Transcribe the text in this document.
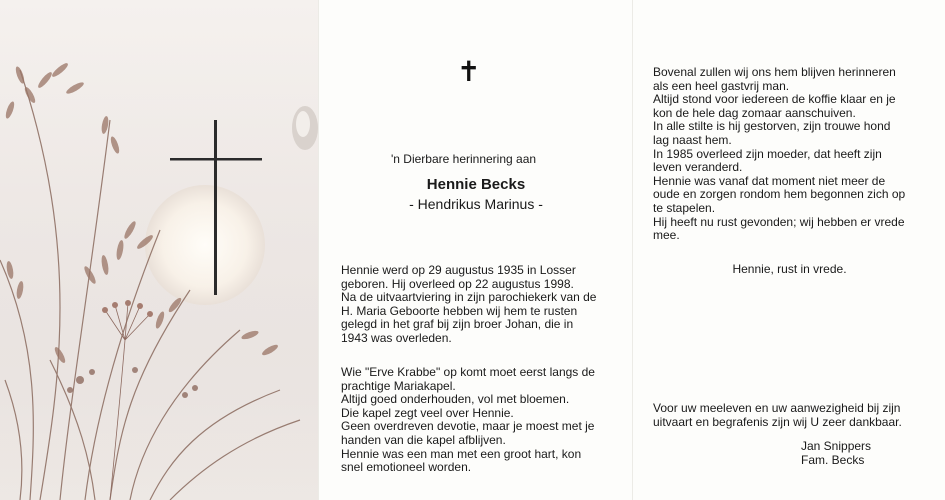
✝
'n Dierbare herinnering aan
Hennie Becks
- Hendrikus Marinus -

Hennie werd op 29 augustus 1935 in Losser
geboren. Hij overleed op 22 augustus 1998.
Na de uitvaartviering in zijn parochiekerk van de
H. Maria Geboorte hebben wij hem te rusten
gelegd in het graf bij zijn broer Johan, die in
1943 was overleden.

Wie "Erve Krabbe" op komt moet eerst langs de
prachtige Mariakapel.
Altijd goed onderhouden, vol met bloemen.
Die kapel zegt veel over Hennie.
Geen overdreven devotie, maar je moest met je
handen van die kapel afblijven.
Hennie was een man met een groot hart, kon
snel emotioneel worden.

Bovenal zullen wij ons hem blijven herinneren
als een heel gastvrij man.
Altijd stond voor iedereen de koffie klaar en je
kon de hele dag zomaar aanschuiven.
In alle stilte is hij gestorven, zijn trouwe hond
lag naast hem.
In 1985 overleed zijn moeder, dat heeft zijn
leven veranderd.
Hennie was vanaf dat moment niet meer de
oude en zorgen rondom hem begonnen zich op
te stapelen.
Hij heeft nu rust gevonden; wij hebben er vrede
mee.

Hennie, rust in vrede.
Voor uw meeleven en uw aanwezigheid bij zijn
uitvaart en begrafenis zijn wij U zeer dankbaar.
Jan Snippers
Fam. Becks
